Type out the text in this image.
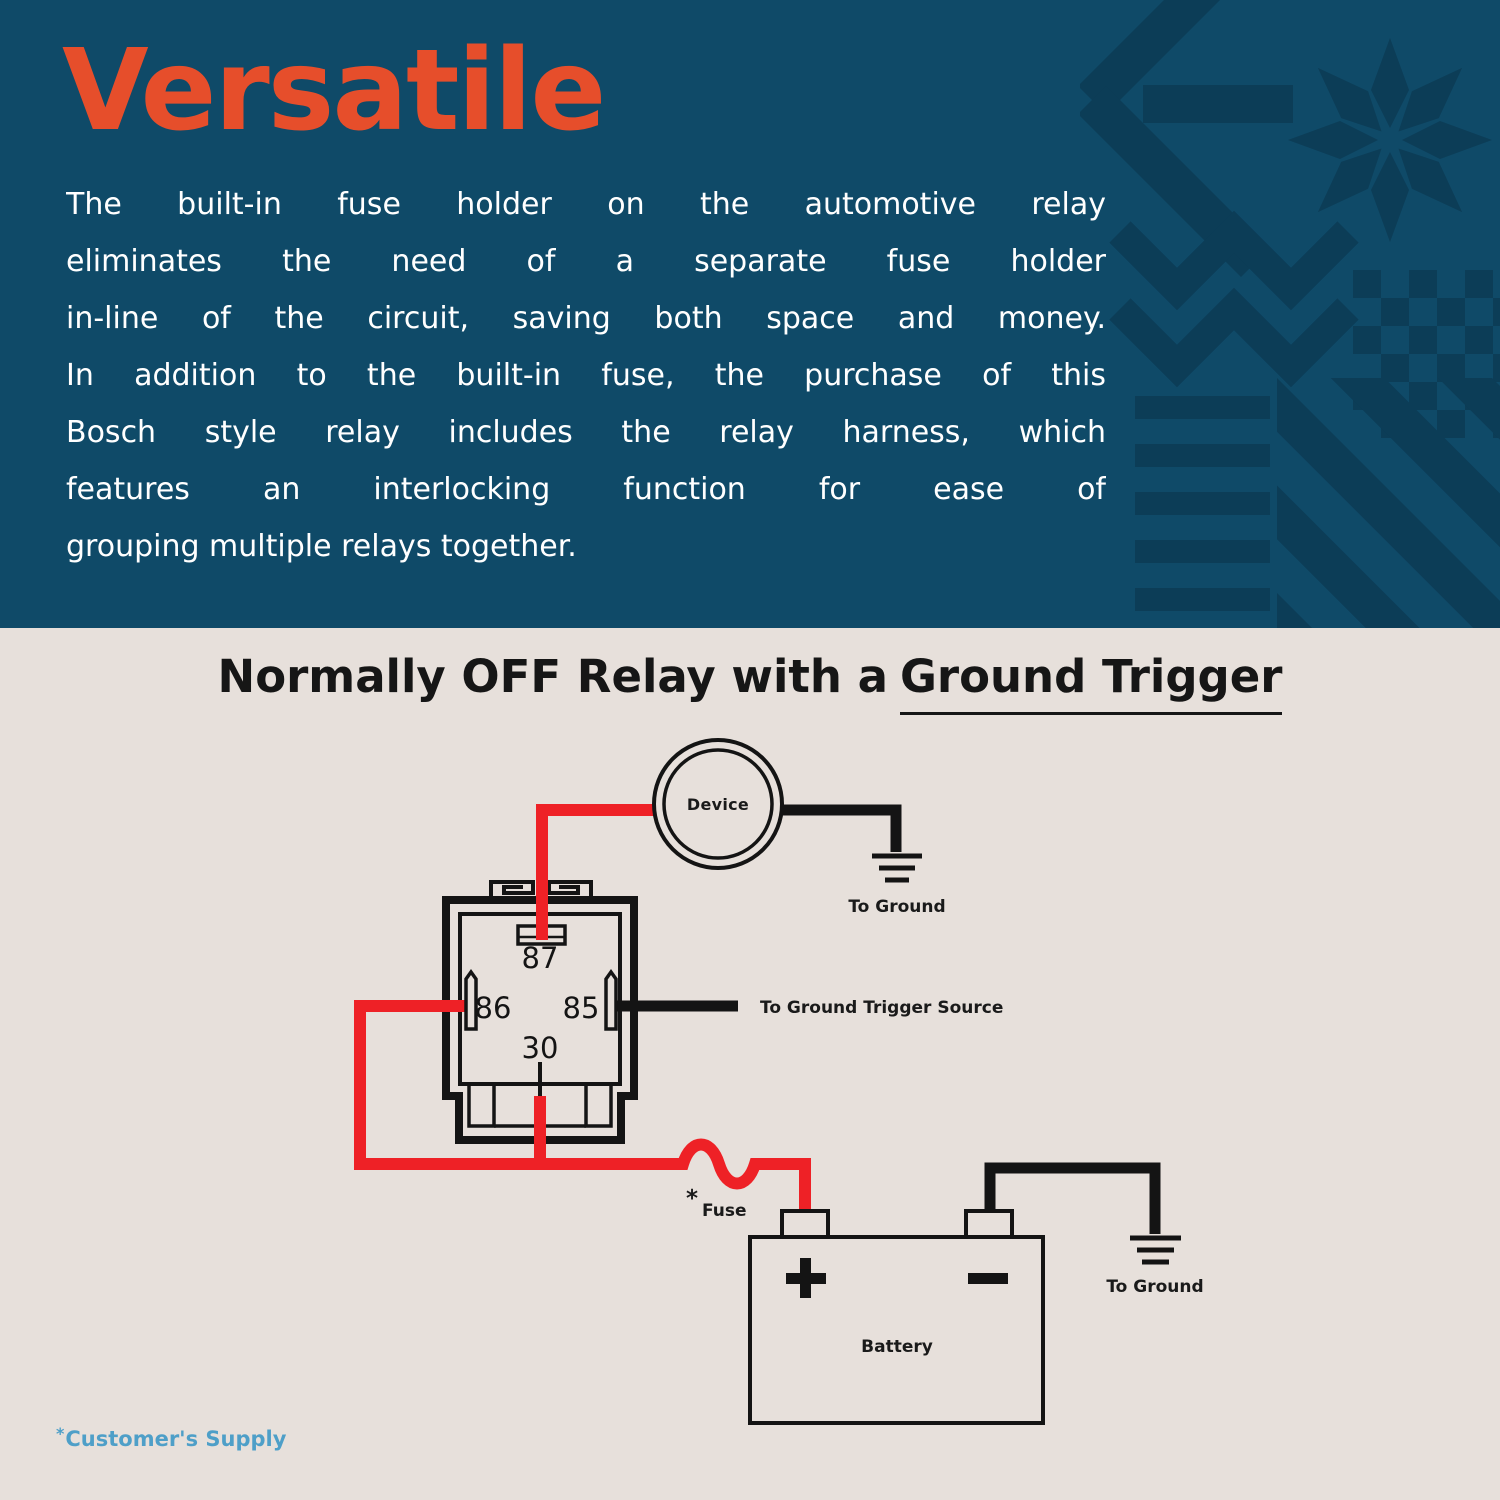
Versatile
The built-in fuse holder on the automotive relay
eliminates the need of a separate fuse holder
in-line of the circuit, saving both space and money.
In addition to the built-in fuse, the purchase of this
Bosch style relay includes the relay harness, which
features an interlocking function for ease of
grouping multiple relays together.
Normally OFF Relay with a Ground Trigger
Device
Battery
To Ground
To Ground Trigger Source
To Ground
* Fuse
87
86 85
30
*Customer's Supply
